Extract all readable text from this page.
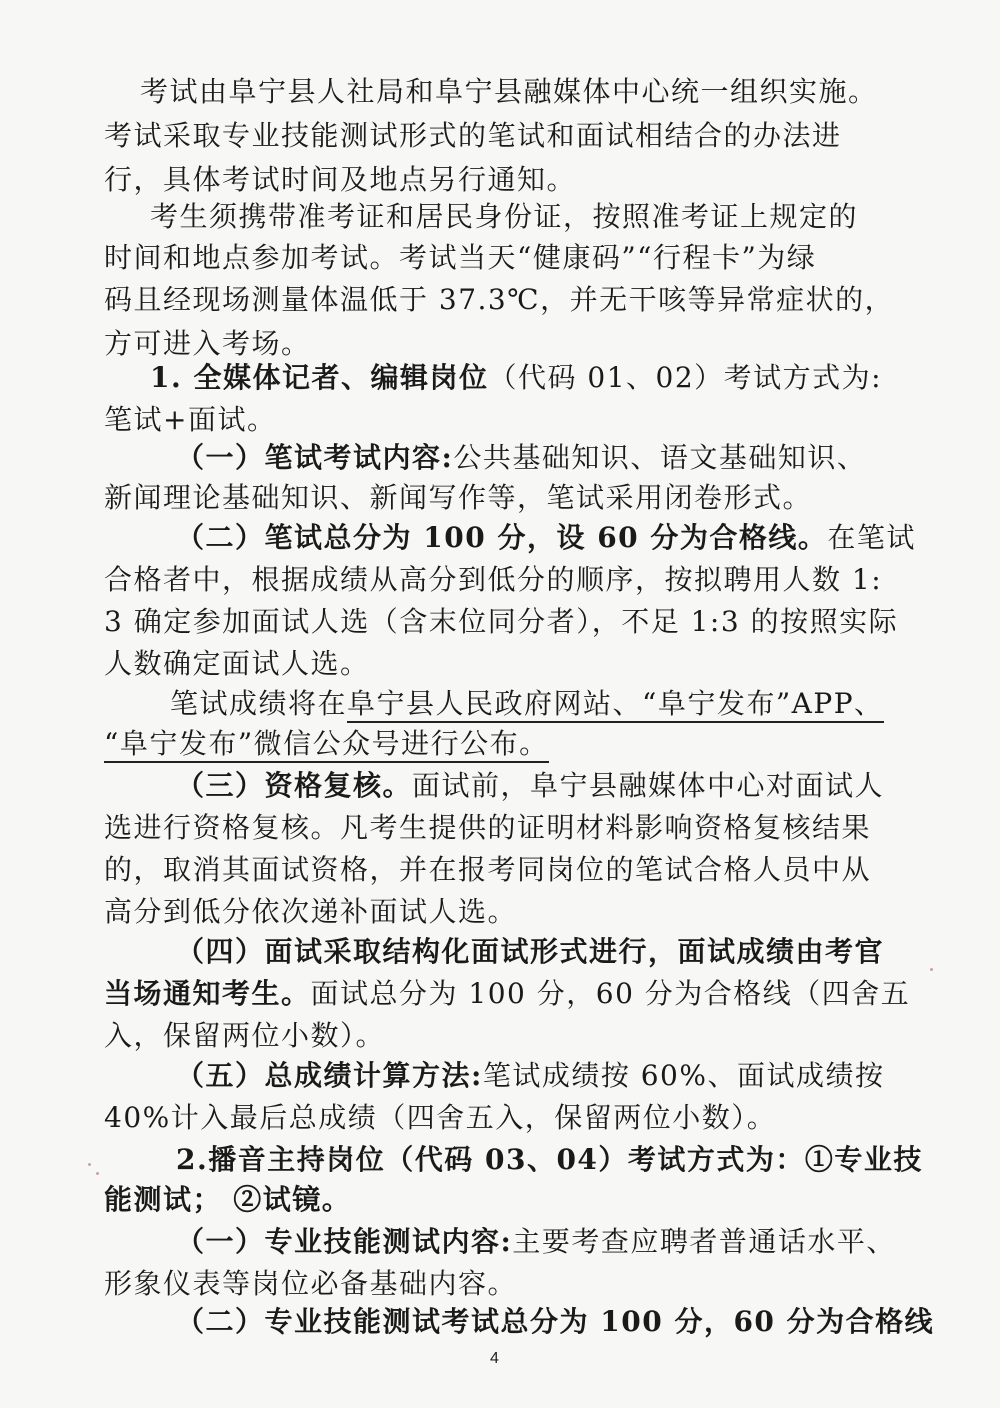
考试由阜宁县人社局和阜宁县融媒体中心统一组织实施。
考试采取专业技能测试形式的笔试和面试相结合的办法进
行，具体考试时间及地点另行通知。
考生须携带准考证和居民身份证，按照准考证上规定的
时间和地点参加考试。考试当天“健康码”“行程卡”为绿
码且经现场测量体温低于 37.3℃，并无干咳等异常症状的，
方可进入考场。
1. 全媒体记者、编辑岗位（代码 01、02）考试方式为:
笔试+面试。
（一）笔试考试内容:公共基础知识、语文基础知识、
新闻理论基础知识、新闻写作等，笔试采用闭卷形式。
（二）笔试总分为 100 分，设 60 分为合格线。在笔试
合格者中，根据成绩从高分到低分的顺序，按拟聘用人数 1:
3 确定参加面试人选（含末位同分者），不足 1:3 的按照实际
人数确定面试人选。
笔试成绩将在阜宁县人民政府网站、“阜宁发布”APP、
“阜宁发布”微信公众号进行公布。
（三）资格复核。面试前，阜宁县融媒体中心对面试人
选进行资格复核。凡考生提供的证明材料影响资格复核结果
的，取消其面试资格，并在报考同岗位的笔试合格人员中从
高分到低分依次递补面试人选。
（四）面试采取结构化面试形式进行，面试成绩由考官
当场通知考生。面试总分为 100 分，60 分为合格线（四舍五
入，保留两位小数）。
（五）总成绩计算方法:笔试成绩按 60%、面试成绩按
40%计入最后总成绩（四舍五入，保留两位小数）。
2.播音主持岗位（代码 03、04）考试方式为：①专业技
能测试； ②试镜。
（一）专业技能测试内容:主要考查应聘者普通话水平、
形象仪表等岗位必备基础内容。
（二）专业技能测试考试总分为 100 分，60 分为合格线
4
